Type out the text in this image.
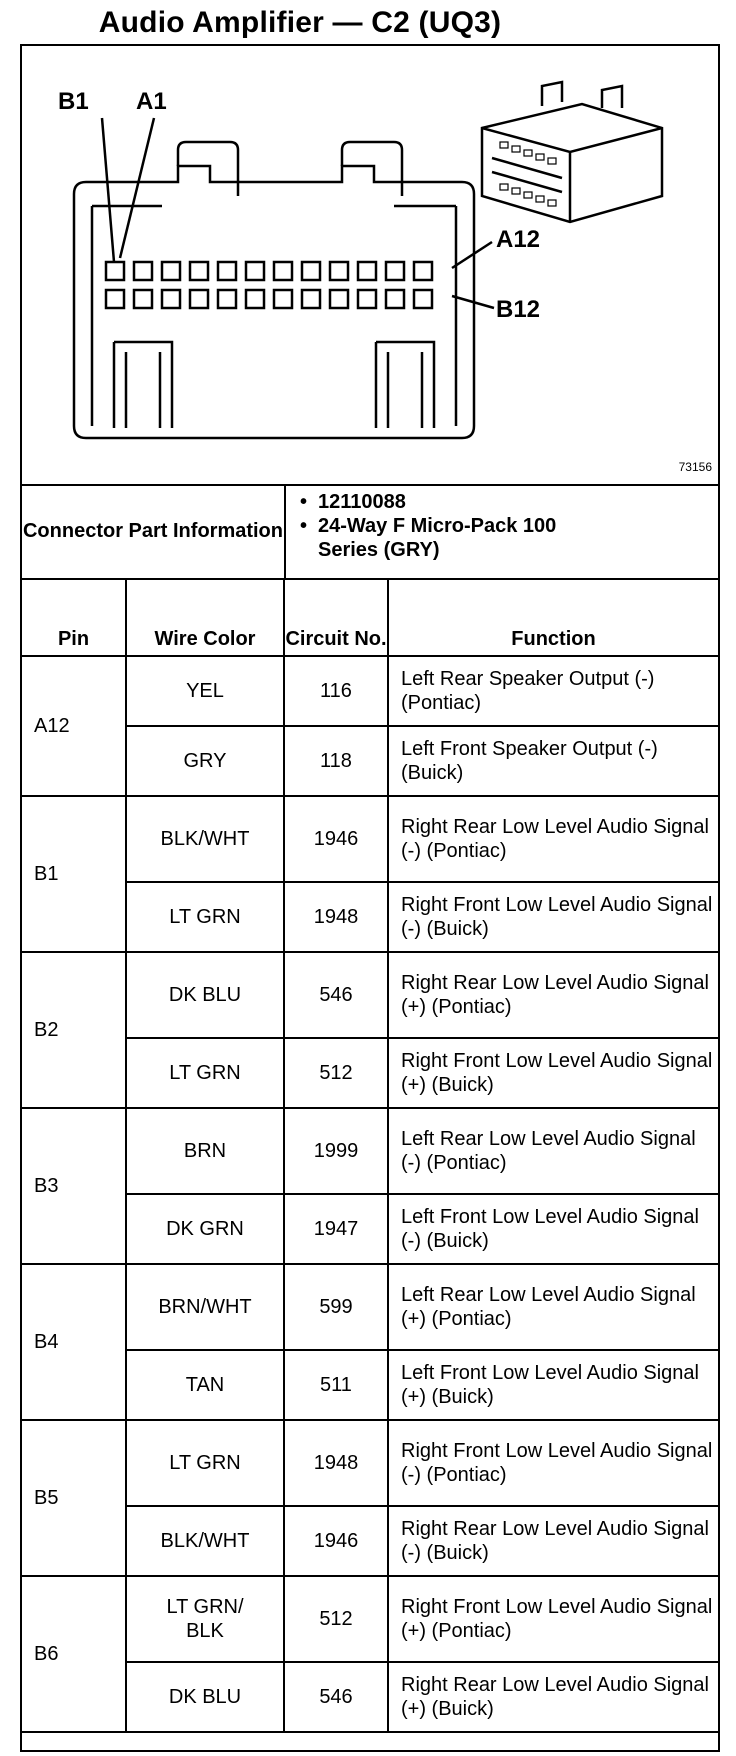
Audio Amplifier — C2 (UQ3)
B1 A1
A12
B12
73156
Connector Part Information
• 12110088
• 24-Way F Micro-Pack 100 Series (GRY)
Pin	Wire Color	Circuit No.	Function
A12	YEL	116	Left Rear Speaker Output (-) (Pontiac)
	GRY	118	Left Front Speaker Output (-) (Buick)
B1	BLK/WHT	1946	Right Rear Low Level Audio Signal (-) (Pontiac)
	LT GRN	1948	Right Front Low Level Audio Signal (-) (Buick)
B2	DK BLU	546	Right Rear Low Level Audio Signal (+) (Pontiac)
	LT GRN	512	Right Front Low Level Audio Signal (+) (Buick)
B3	BRN	1999	Left Rear Low Level Audio Signal (-) (Pontiac)
	DK GRN	1947	Left Front Low Level Audio Signal (-) (Buick)
B4	BRN/WHT	599	Left Rear Low Level Audio Signal (+) (Pontiac)
	TAN	511	Left Front Low Level Audio Signal (+) (Buick)
B5	LT GRN	1948	Right Front Low Level Audio Signal (-) (Pontiac)
	BLK/WHT	1946	Right Rear Low Level Audio Signal (-) (Buick)
B6	LT GRN/ BLK	512	Right Front Low Level Audio Signal (+) (Pontiac)
	DK BLU	546	Right Rear Low Level Audio Signal (+) (Buick)
